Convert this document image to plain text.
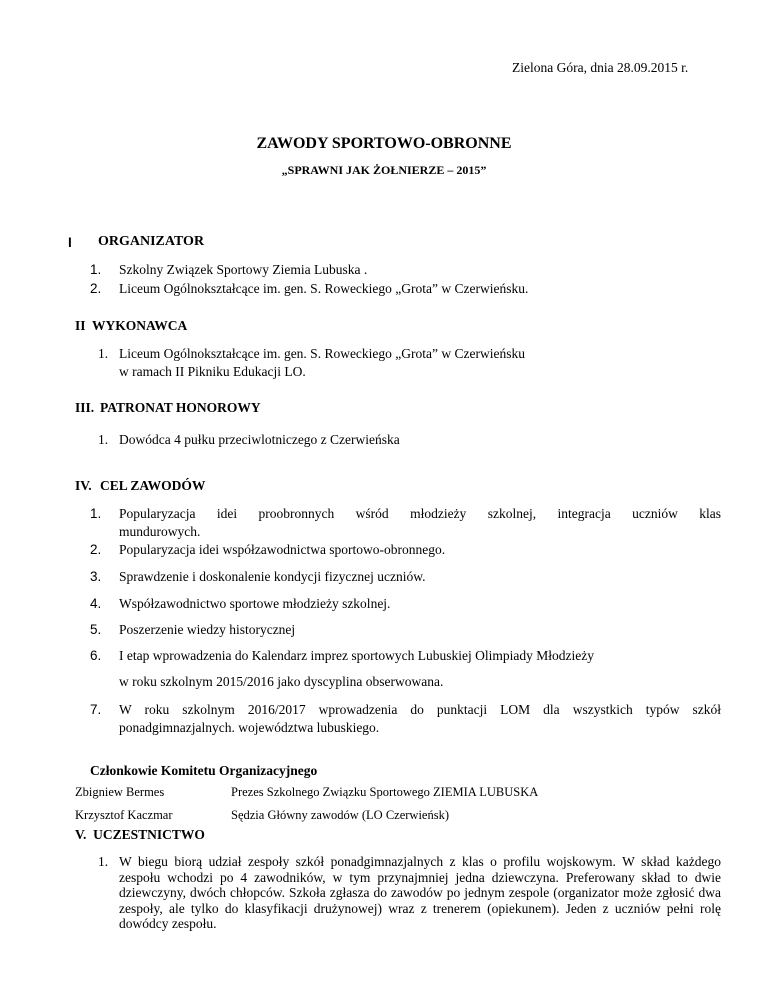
Zielona Góra, dnia 28.09.2015 r.
ZAWODY SPORTOWO-OBRONNE
„SPRAWNI JAK ŻOŁNIERZE – 2015”
I ORGANIZATOR
1. Szkolny Związek Sportowy Ziemia Lubuska .
2. Liceum Ogólnokształcące im. gen. S. Roweckiego „Grota” w Czerwieńsku.
II  WYKONAWCA
1. Liceum Ogólnokształcące im. gen. S. Roweckiego „Grota” w Czerwieńsku
w ramach II Pikniku Edukacji LO.
III. PATRONAT HONOROWY
1. Dowódca 4 pułku przeciwlotniczego z Czerwieńska
IV. CEL ZAWODÓW
1. Popularyzacja idei proobronnych wśród młodzieży szkolnej, integracja uczniów klas
mundurowych.
2. Popularyzacja idei współzawodnictwa sportowo-obronnego.
3. Sprawdzenie i doskonalenie kondycji fizycznej uczniów.
4. Współzawodnictwo sportowe młodzieży szkolnej.
5. Poszerzenie wiedzy historycznej
6. I etap wprowadzenia do Kalendarz imprez sportowych Lubuskiej Olimpiady Młodzieży
w roku szkolnym 2015/2016 jako dyscyplina obserwowana.
7. W roku szkolnym 2016/2017 wprowadzenia do punktacji LOM dla wszystkich typów szkół
ponadgimnazjalnych. województwa lubuskiego.
Członkowie Komitetu Organizacyjnego
Zbigniew Bermes	Prezes Szkolnego Związku Sportowego ZIEMIA LUBUSKA
Krzysztof Kaczmar	Sędzia Główny zawodów (LO Czerwieńsk)
V.  UCZESTNICTWO
1. W biegu biorą udział zespoły szkół ponadgimnazjalnych z klas o profilu wojskowym. W skład każdego zespołu wchodzi po 4 zawodników, w tym przynajmniej jedna dziewczyna. Preferowany skład to dwie dziewczyny, dwóch chłopców. Szkoła zgłasza do zawodów po jednym zespole (organizator może zgłosić dwa zespoły, ale tylko do klasyfikacji drużynowej) wraz z trenerem (opiekunem). Jeden z uczniów pełni rolę dowódcy zespołu.
